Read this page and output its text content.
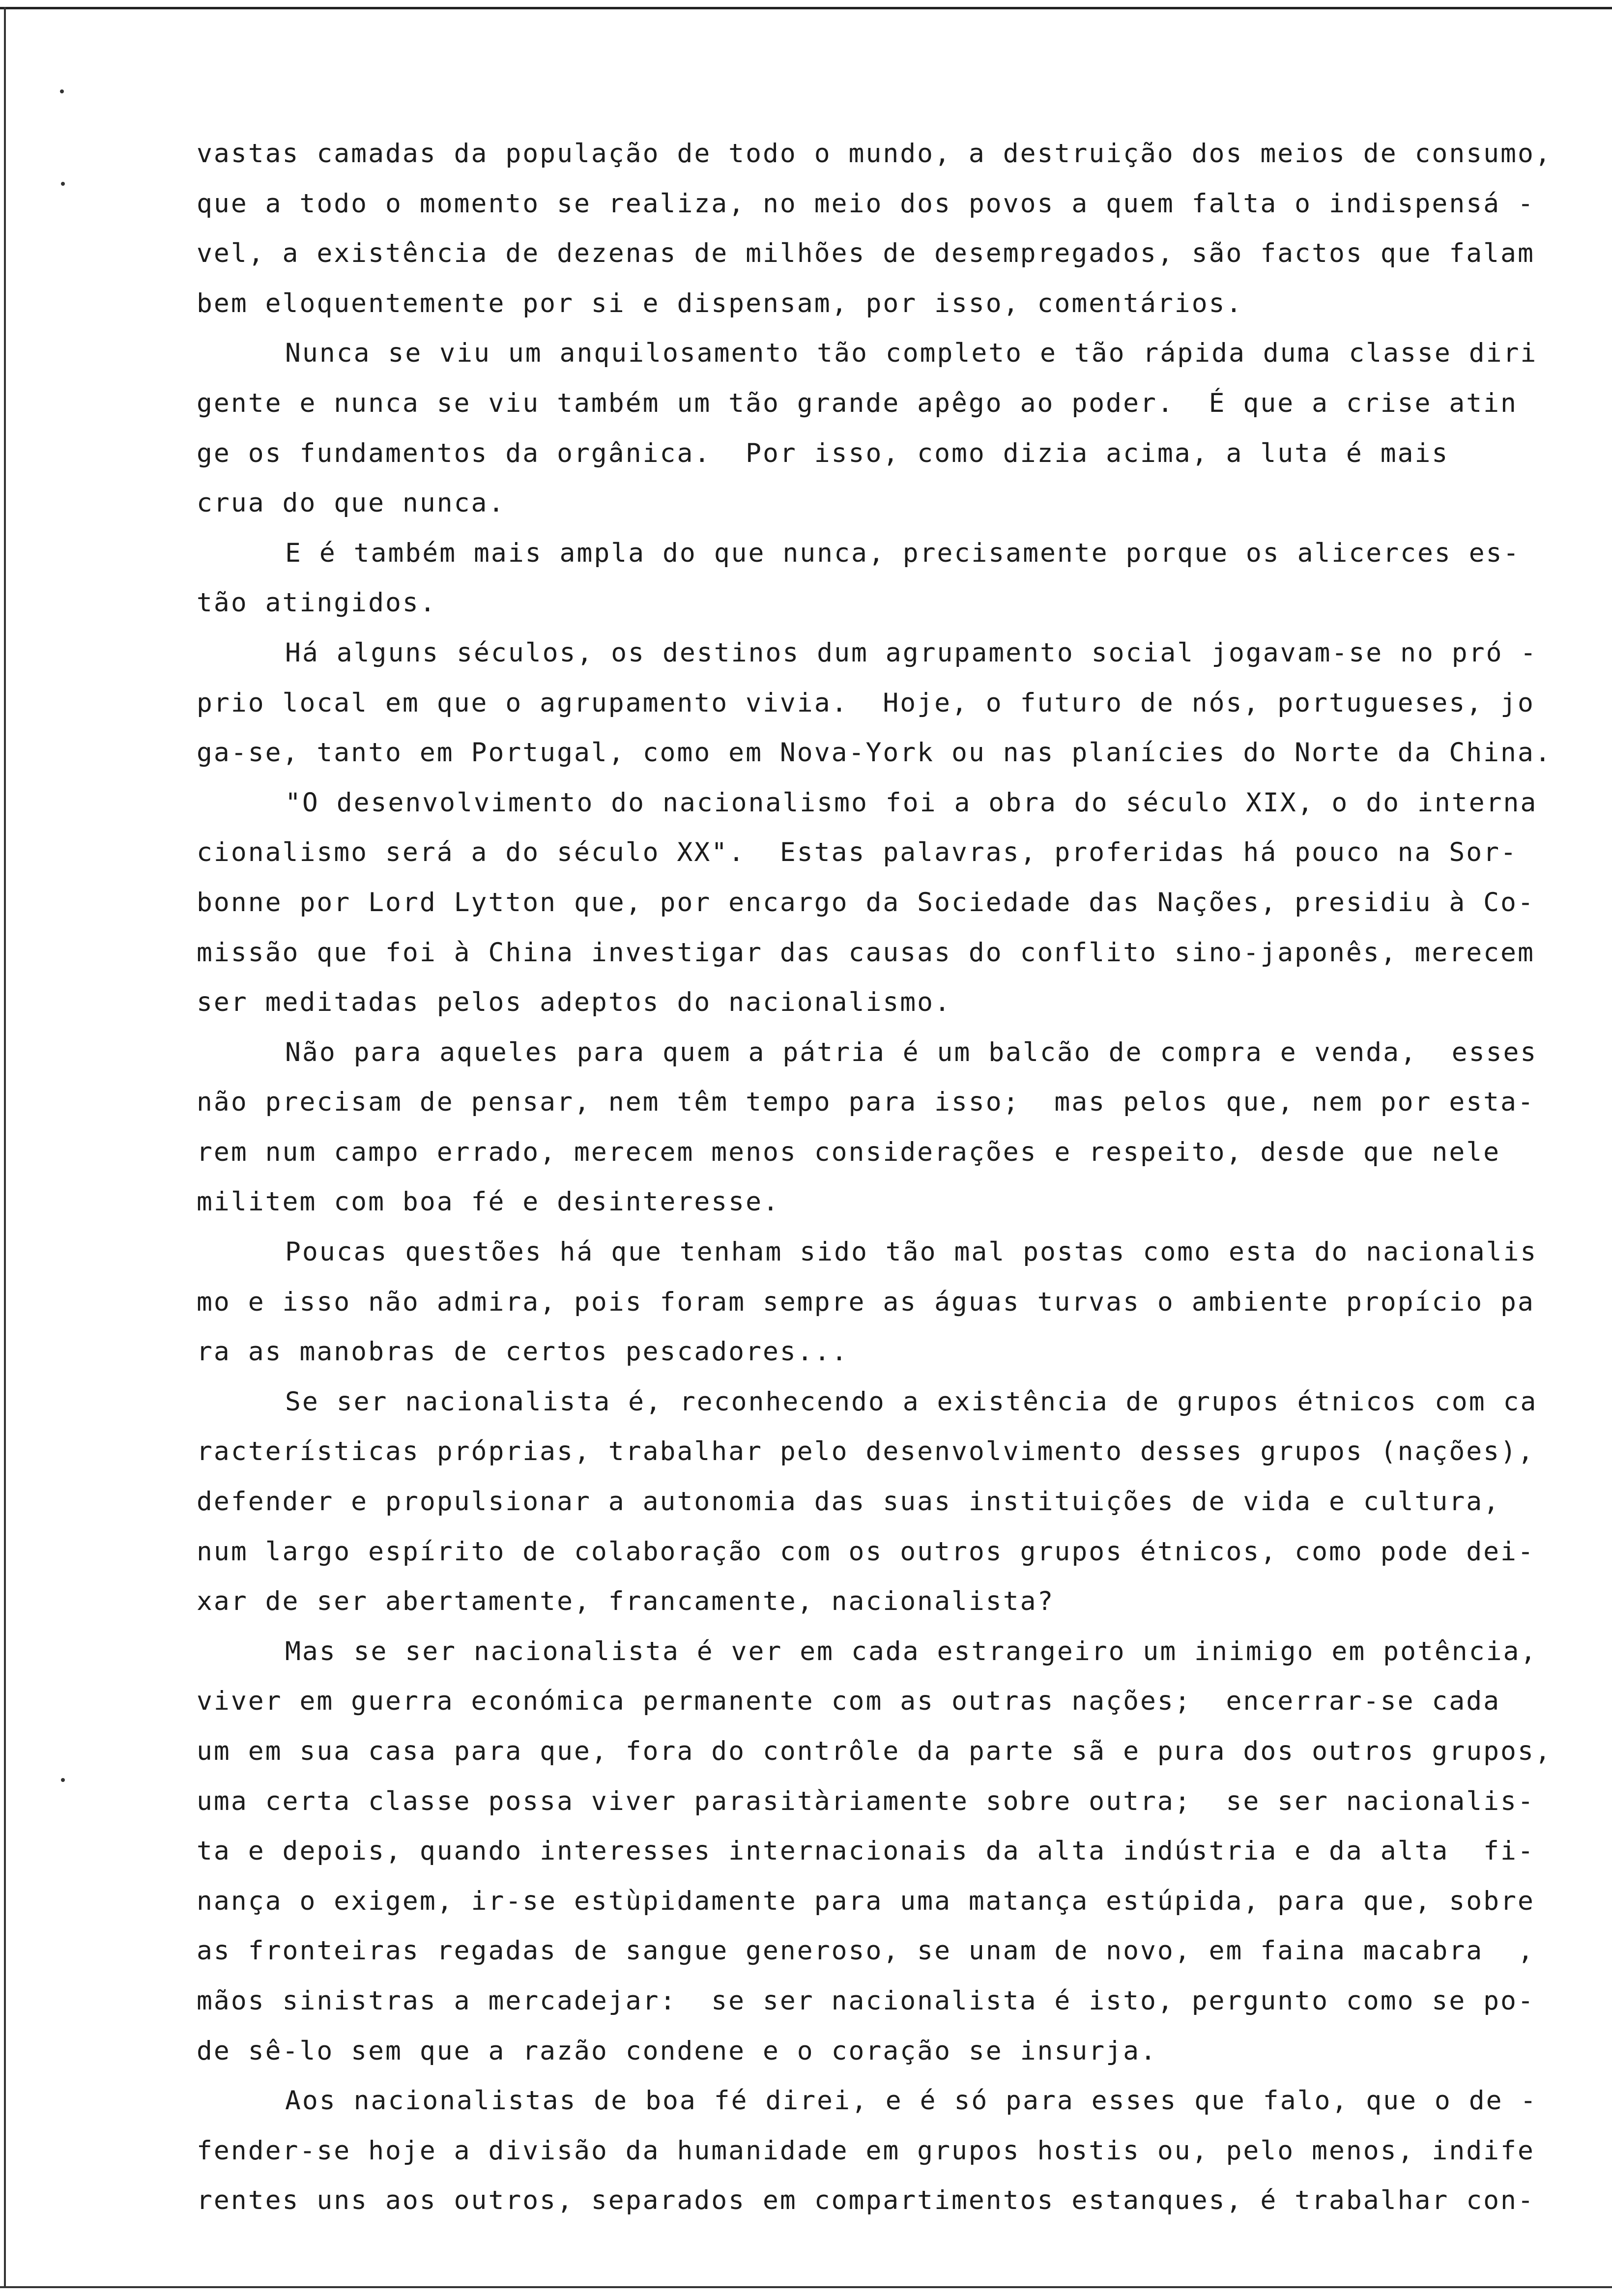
vastas camadas da população de todo o mundo, a destruição dos meios de consumo,
que a todo o momento se realiza, no meio dos povos a quem falta o indispensá -
vel, a existência de dezenas de milhões de desempregados, são factos que falam
bem eloquentemente por si e dispensam, por isso, comentários.
Nunca se viu um anquilosamento tão completo e tão rápida duma classe diri
gente e nunca se viu também um tão grande apêgo ao poder.  É que a crise atin
ge os fundamentos da orgânica.  Por isso, como dizia acima, a luta é mais
crua do que nunca.
E é também mais ampla do que nunca, precisamente porque os alicerces es-
tão atingidos.
Há alguns séculos, os destinos dum agrupamento social jogavam-se no pró -
prio local em que o agrupamento vivia.  Hoje, o futuro de nós, portugueses, jo
ga-se, tanto em Portugal, como em Nova-York ou nas planícies do Norte da China.
"O desenvolvimento do nacionalismo foi a obra do século XIX, o do interna
cionalismo será a do século XX".  Estas palavras, proferidas há pouco na Sor-
bonne por Lord Lytton que, por encargo da Sociedade das Nações, presidiu à Co-
missão que foi à China investigar das causas do conflito sino-japonês, merecem
ser meditadas pelos adeptos do nacionalismo.
Não para aqueles para quem a pátria é um balcão de compra e venda,  esses
não precisam de pensar, nem têm tempo para isso;  mas pelos que, nem por esta-
rem num campo errado, merecem menos considerações e respeito, desde que nele
militem com boa fé e desinteresse.
Poucas questões há que tenham sido tão mal postas como esta do nacionalis
mo e isso não admira, pois foram sempre as águas turvas o ambiente propício pa
ra as manobras de certos pescadores...
Se ser nacionalista é, reconhecendo a existência de grupos étnicos com ca
racterísticas próprias, trabalhar pelo desenvolvimento desses grupos (nações),
defender e propulsionar a autonomia das suas instituições de vida e cultura,
num largo espírito de colaboração com os outros grupos étnicos, como pode dei-
xar de ser abertamente, francamente, nacionalista?
Mas se ser nacionalista é ver em cada estrangeiro um inimigo em potência,
viver em guerra económica permanente com as outras nações;  encerrar-se cada
um em sua casa para que, fora do contrôle da parte sã e pura dos outros grupos,
uma certa classe possa viver parasitàriamente sobre outra;  se ser nacionalis-
ta e depois, quando interesses internacionais da alta indústria e da alta  fi-
nança o exigem, ir-se estùpidamente para uma matança estúpida, para que, sobre
as fronteiras regadas de sangue generoso, se unam de novo, em faina macabra  ,
mãos sinistras a mercadejar:  se ser nacionalista é isto, pergunto como se po-
de sê-lo sem que a razão condene e o coração se insurja.
Aos nacionalistas de boa fé direi, e é só para esses que falo, que o de -
fender-se hoje a divisão da humanidade em grupos hostis ou, pelo menos, indife
rentes uns aos outros, separados em compartimentos estanques, é trabalhar con-
